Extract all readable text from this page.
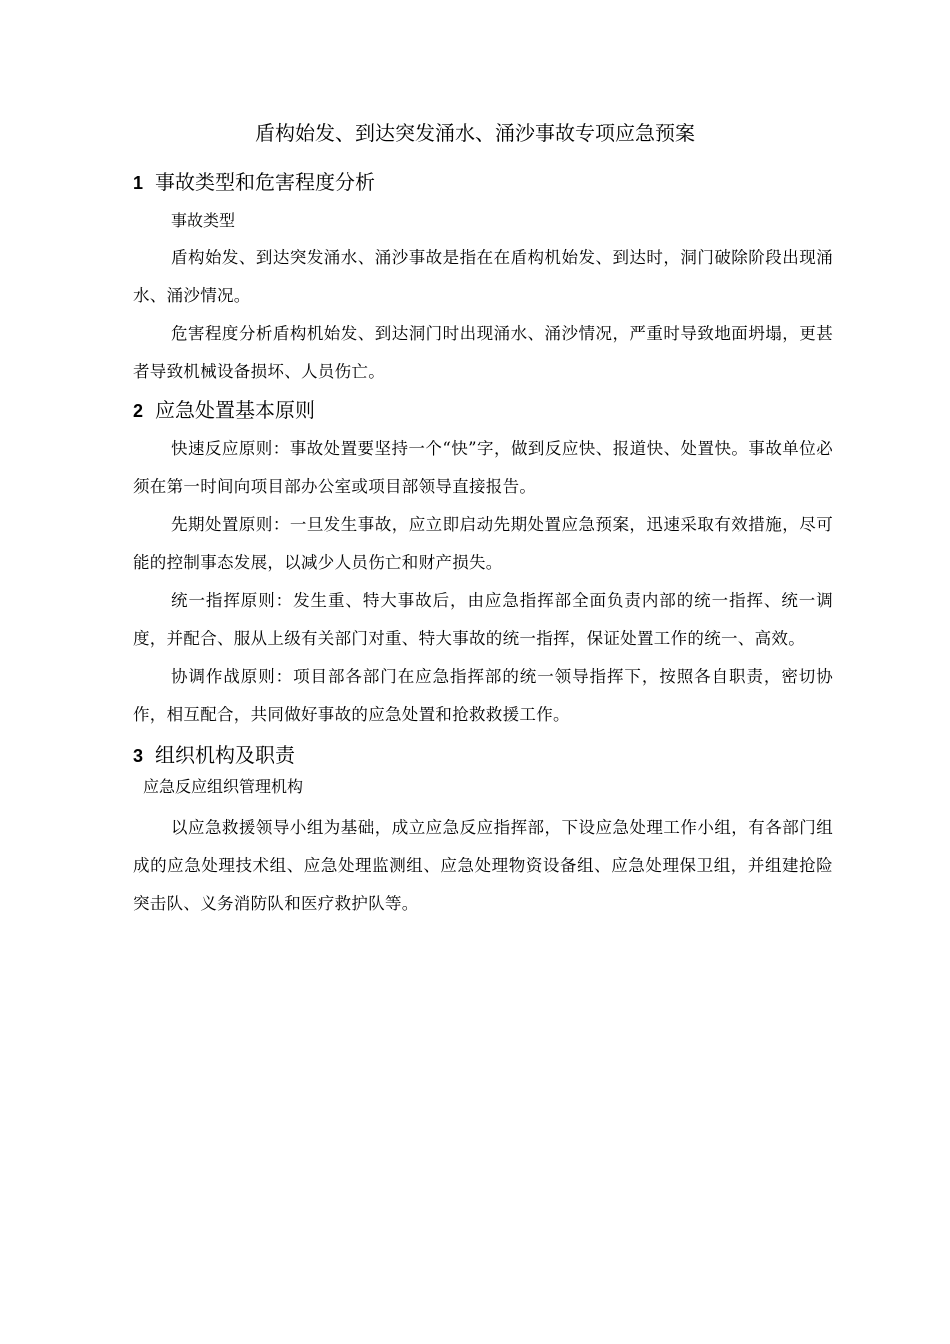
盾构始发、到达突发涌水、涌沙事故专项应急预案
1 事故类型和危害程度分析

事故类型

盾构始发、到达突发涌水、涌沙事故是指在在盾构机始发、到达时，洞门破除阶段出现涌水、涌沙情况。

危害程度分析盾构机始发、到达洞门时出现涌水、涌沙情况，严重时导致地面坍塌，更甚者导致机械设备损坏、人员伤亡。

2 应急处置基本原则

快速反应原则：事故处置要坚持一个“快”字，做到反应快、报道快、处置快。事故单位必须在第一时间向项目部办公室或项目部领导直接报告。

先期处置原则：一旦发生事故，应立即启动先期处置应急预案，迅速采取有效措施，尽可能的控制事态发展，以减少人员伤亡和财产损失。

统一指挥原则：发生重、特大事故后，由应急指挥部全面负责内部的统一指挥、统一调度，并配合、服从上级有关部门对重、特大事故的统一指挥，保证处置工作的统一、高效。

协调作战原则：项目部各部门在应急指挥部的统一领导指挥下，按照各自职责，密切协作，相互配合，共同做好事故的应急处置和抢救救援工作。

3 组织机构及职责

应急反应组织管理机构

以应急救援领导小组为基础，成立应急反应指挥部，下设应急处理工作小组，有各部门组成的应急处理技术组、应急处理监测组、应急处理物资设备组、应急处理保卫组，并组建抢险突击队、义务消防队和医疗救护队等。
